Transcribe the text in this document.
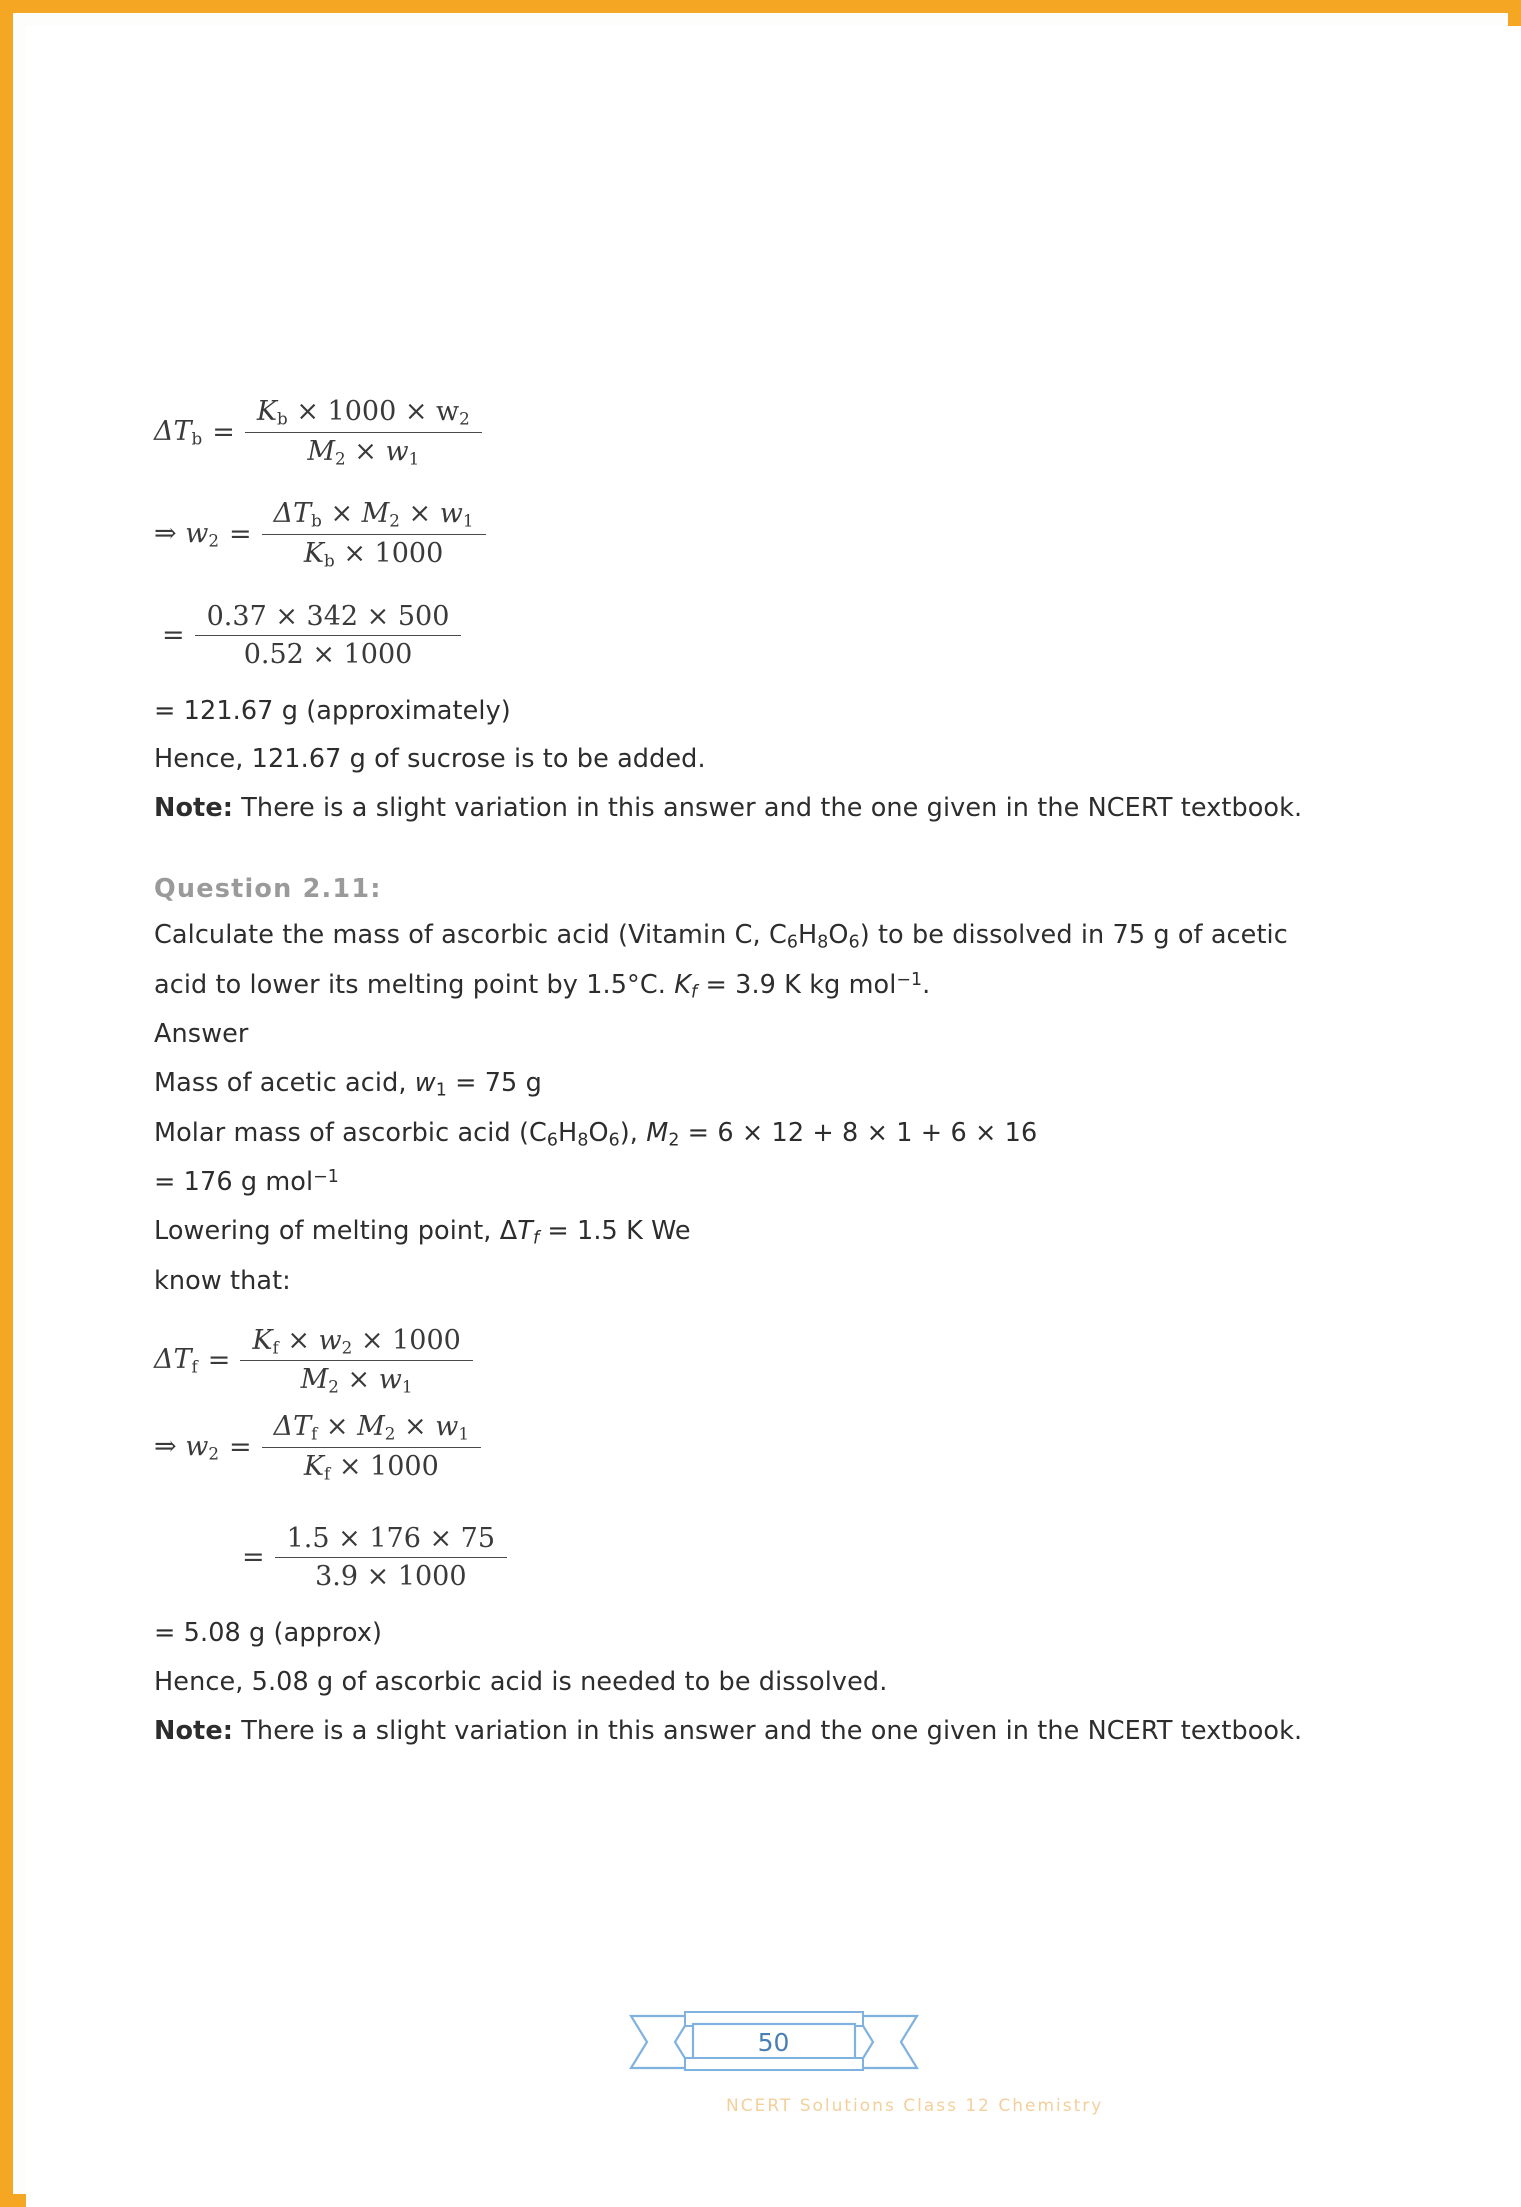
$\Delta T_b = \frac{K_b \times 1000 \times w_2}{M_2 \times w_1}$
⇒ $w_2 = \frac{\Delta T_b \times M_2 \times w_1}{K_b \times 1000}$
= $\frac{0.37 \times 342 \times 500}{0.52 \times 1000}$
= 121.67 g (approximately)
Hence, 121.67 g of sucrose is to be added.
Note: There is a slight variation in this answer and the one given in the NCERT textbook.
Question 2.11:
Calculate the mass of ascorbic acid (Vitamin C, $C_6H_8O_6$) to be dissolved in 75 g of acetic
acid to lower its melting point by 1.5°C. $K_f = 3.9$ K kg mol$^{-1}$.
Answer
Mass of acetic acid, $w_1 = 75$ g
Molar mass of ascorbic acid $(C_6H_8O_6)$, $M_2 = 6 \times 12 + 8 \times 1 + 6 \times 16$
= 176 g mol$^{-1}$
Lowering of melting point, $\Delta T_f = 1.5$ K We
know that:
$\Delta T_f = \frac{K_f \times w_2 \times 1000}{M_2 \times w_1}$
⇒ $w_2 = \frac{\Delta T_f \times M_2 \times w_1}{K_f \times 1000}$
= $\frac{1.5 \times 176 \times 75}{3.9 \times 1000}$
= 5.08 g (approx)
Hence, 5.08 g of ascorbic acid is needed to be dissolved.
Note: There is a slight variation in this answer and the one given in the NCERT textbook.
50
NCERT Solutions Class 12 Chemistry
